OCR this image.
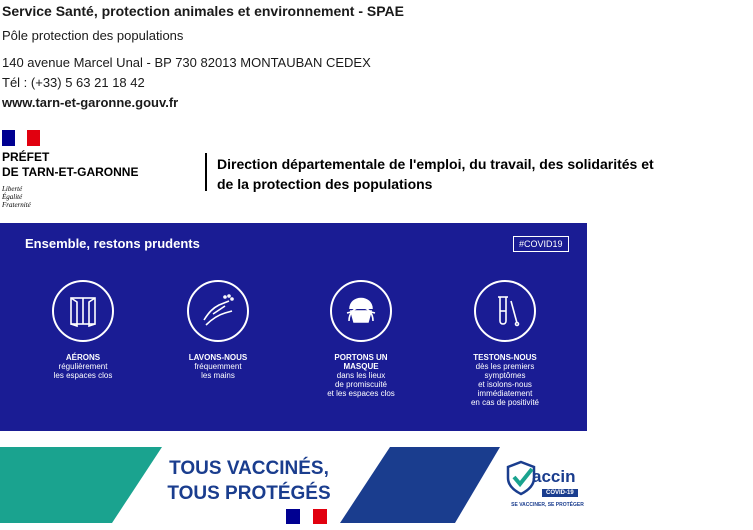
Service Santé, protection animales et environnement - SPAE
Pôle protection des populations
140 avenue Marcel Unal - BP 730 82013 MONTAUBAN CEDEX
Tél : (+33) 5 63 21 18 42
www.tarn-et-garonne.gouv.fr
PRÉFET
DE TARN-ET-GARONNE
Liberté
Égalité
Fraternité
Direction départementale de l'emploi, du travail, des solidarités et
de la protection des populations
Ensemble, restons prudents	#COVID19
AÉRONS
régulièrement
les espaces clos
LAVONS-NOUS
fréquemment
les mains
PORTONS UN
MASQUE
dans les lieux
de promiscuité
et les espaces clos
TESTONS-NOUS
dès les premiers
symptômes
et isolons-nous
immédiatement
en cas de positivité
TOUS VACCINÉS,
TOUS PROTÉGÉS
accin
COVID-19
SE VACCINER, SE PROTÉGER
